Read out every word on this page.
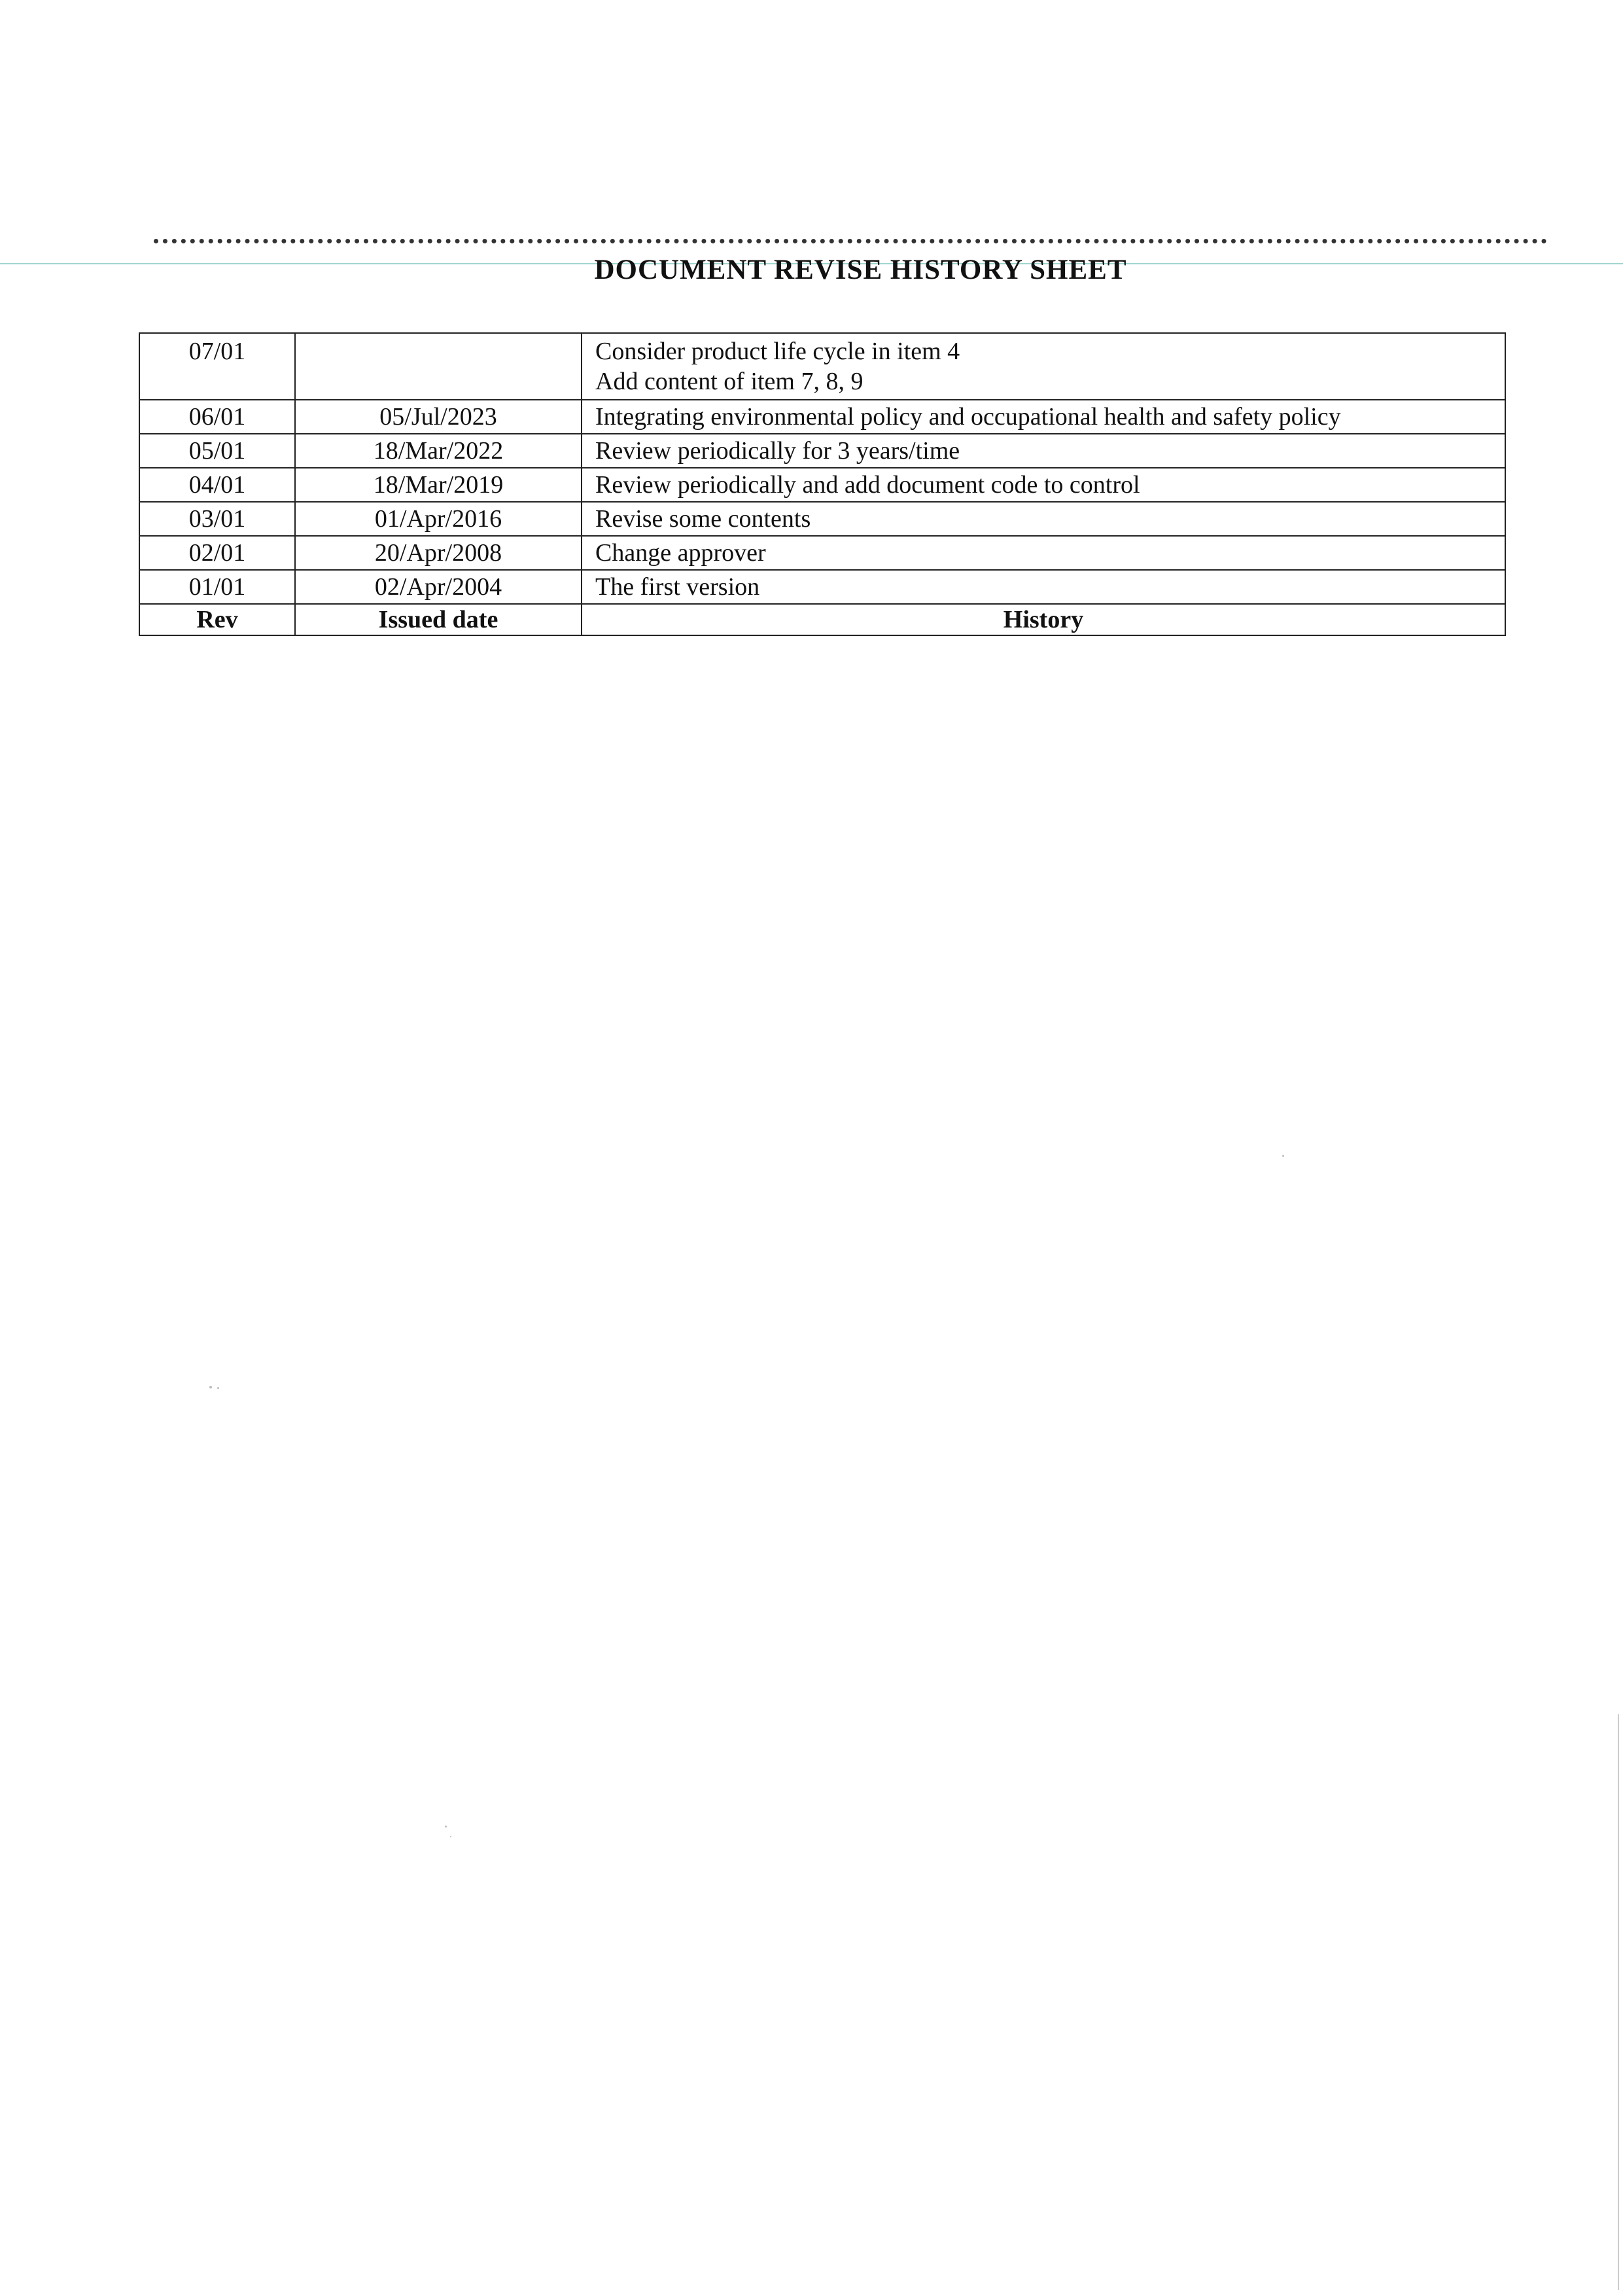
DOCUMENT REVISE HISTORY SHEET
07/01		Consider product life cycle in item 4
Add content of item 7, 8, 9

06/01	05/Jul/2023	Integrating environmental policy and occupational health and safety policy
05/01	18/Mar/2022	Review periodically for 3 years/time
04/01	18/Mar/2019	Review periodically and add document code to control
03/01	01/Apr/2016	Revise some contents
02/01	20/Apr/2008	Change approver
01/01	02/Apr/2004	The first version
Rev	Issued date	History
